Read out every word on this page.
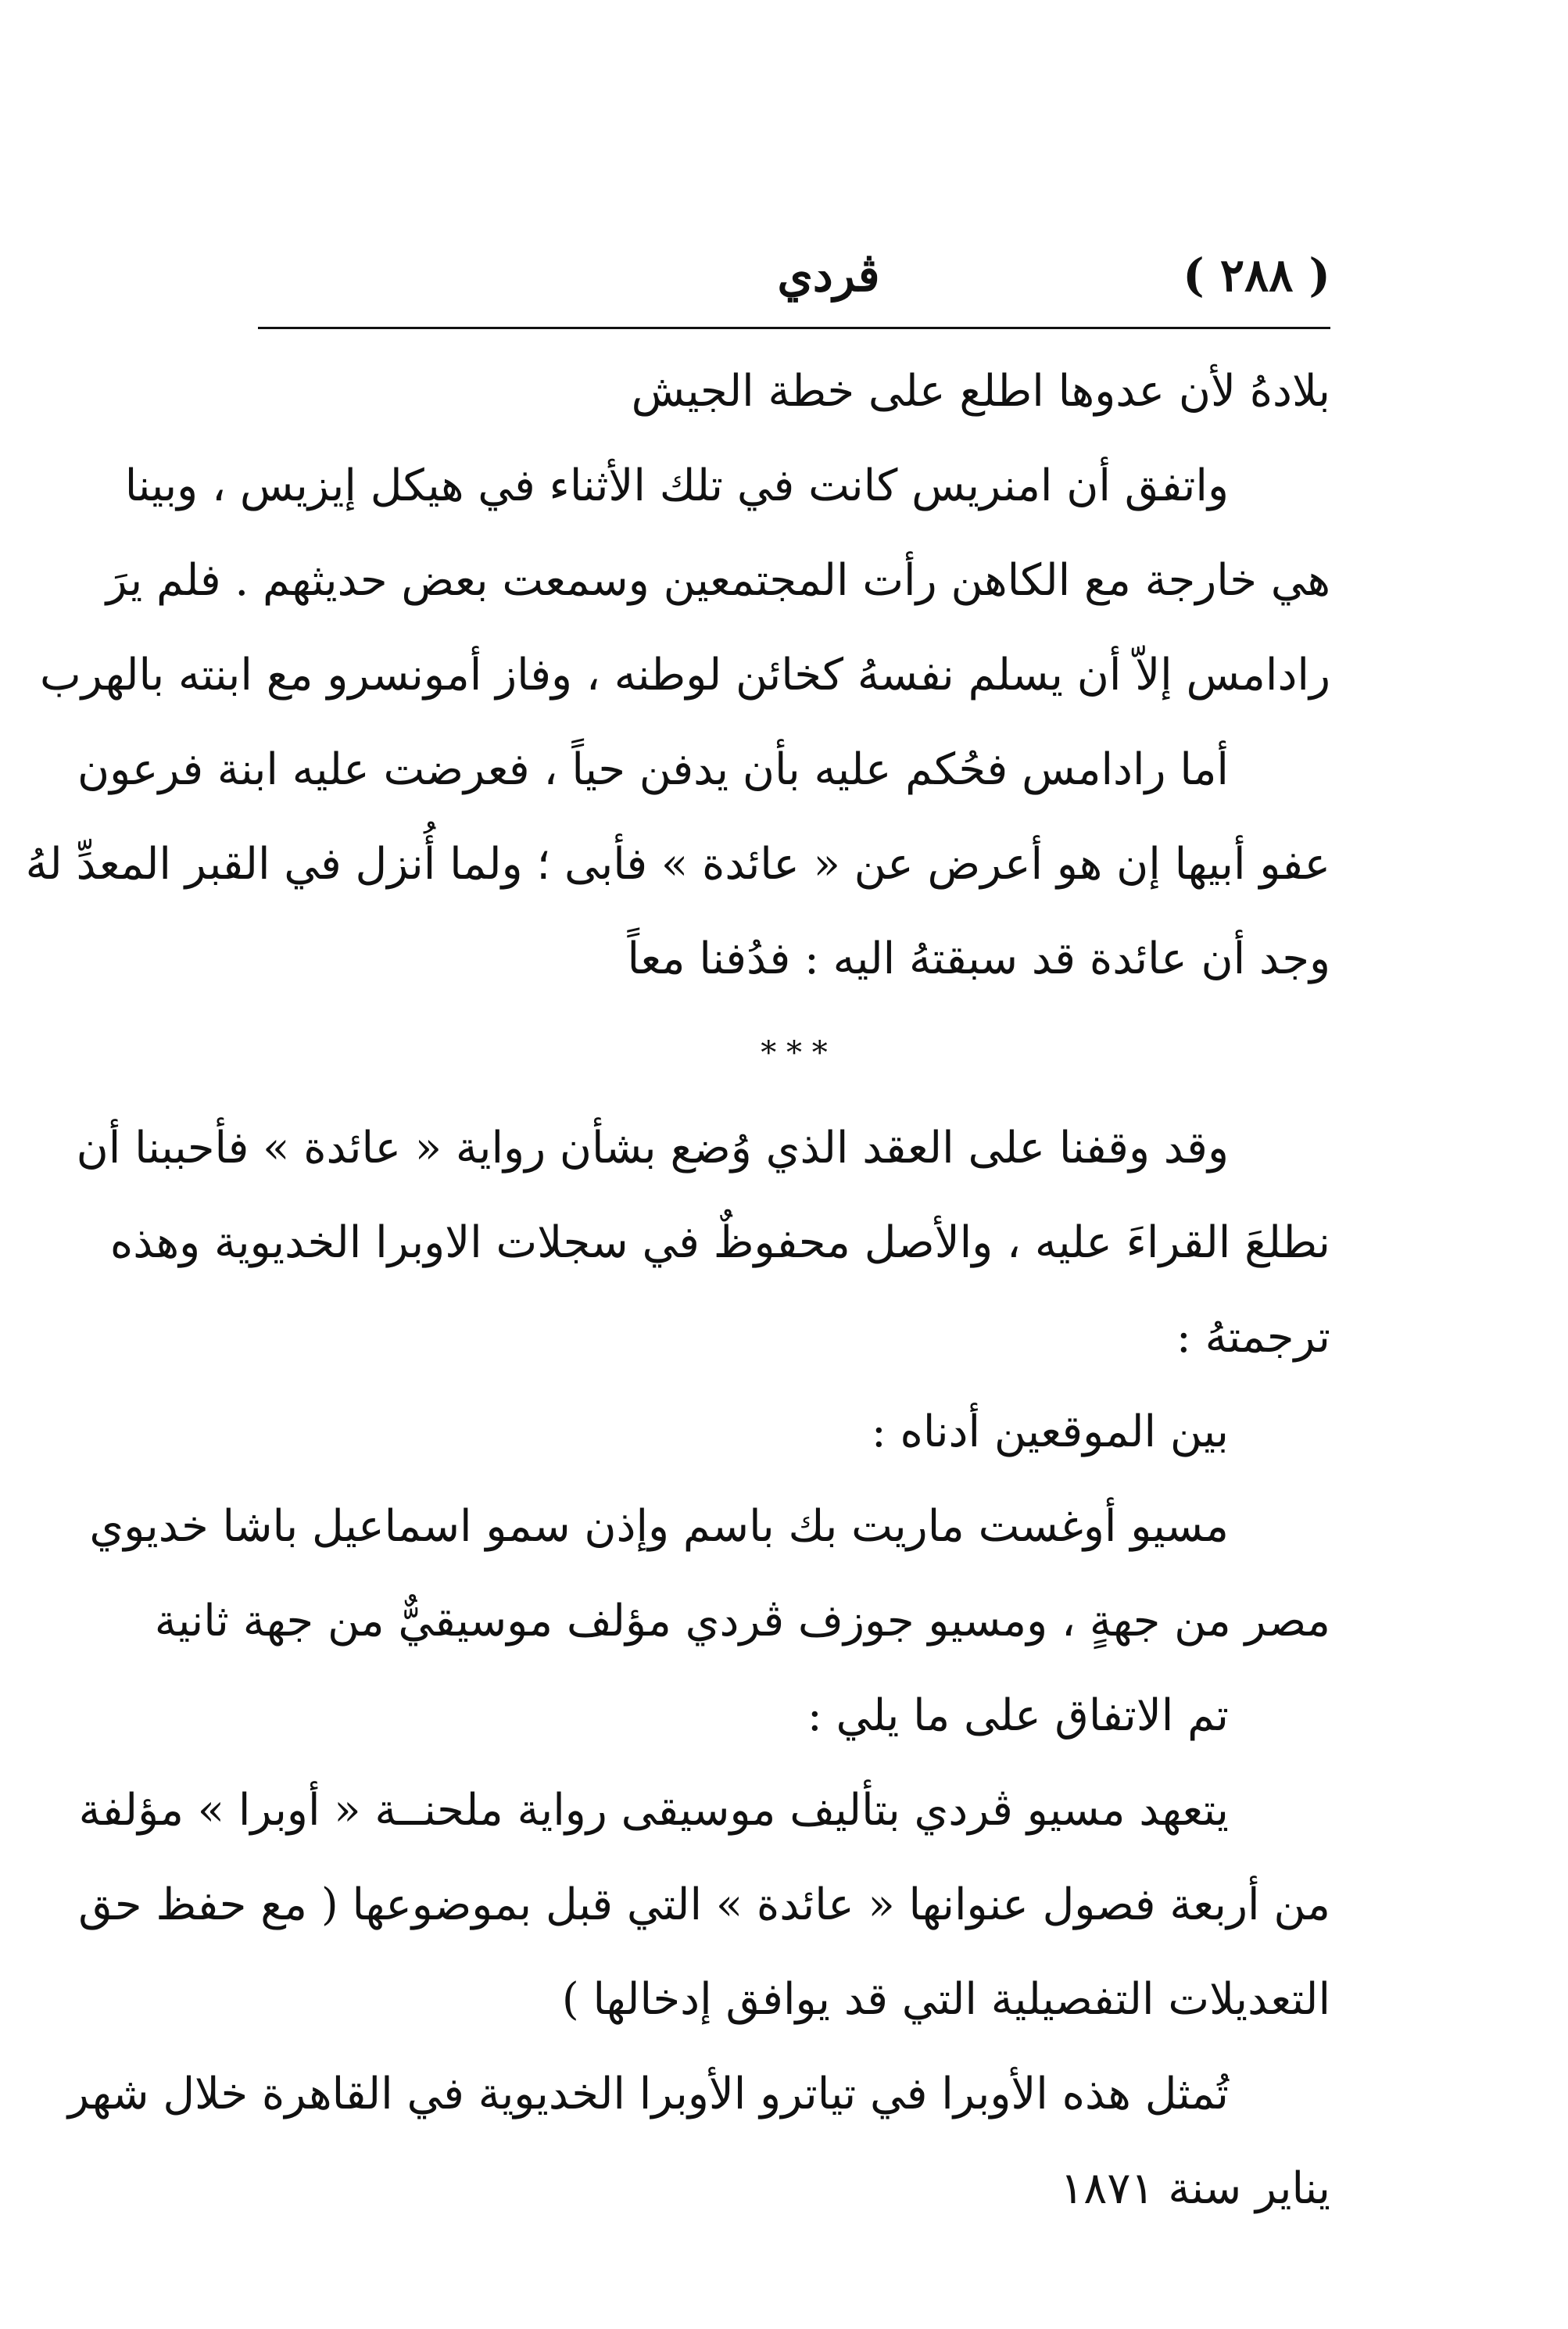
( ٢٨٨ )
ڤردي
بلادهُ لأن عدوها اطلع على خطة الجيش
واتفق أن امنريس كانت في تلك الأثناء في هيكل إيزيس ، وبينا
هي خارجة مع الكاهن رأت المجتمعين وسمعت بعض حديثهم . فلم يرَ
رادامس إلاّ أن يسلم نفسهُ كخائن لوطنه ، وفاز أمونسرو مع ابنته بالهرب
أما رادامس فحُكم عليه بأن يدفن حياً ، فعرضت عليه ابنة فرعون
عفو أبيها إن هو أعرض عن « عائدة » فأبى ؛ ولما أُنزل في القبر المعدِّ لهُ
وجد أن عائدة قد سبقتهُ اليه : فدُفنا معاً
* * *
وقد وقفنا على العقد الذي وُضع بشأن رواية « عائدة » فأحببنا أن
نطلعَ القراءَ عليه ، والأصل محفوظٌ في سجلات الاوبرا الخديوية وهذه
ترجمتهُ :
بين الموقعين أدناه :
مسيو أوغست ماريت بك باسم وإذن سمو اسماعيل باشا خديوي
مصر من جهةٍ ، ومسيو جوزف ڤردي مؤلف موسيقيٌّ من جهة ثانية
تم الاتفاق على ما يلي :
يتعهد مسيو ڤردي بتأليف موسيقى رواية ملحنــة « أوبرا » مؤلفة
من أربعة فصول عنوانها « عائدة » التي قبل بموضوعها ( مع حفظ حق
التعديلات التفصيلية التي قد يوافق إدخالها )
تُمثل هذه الأوبرا في تياترو الأوبرا الخديوية في القاهرة خلال شهر
يناير سنة ١٨٧١
